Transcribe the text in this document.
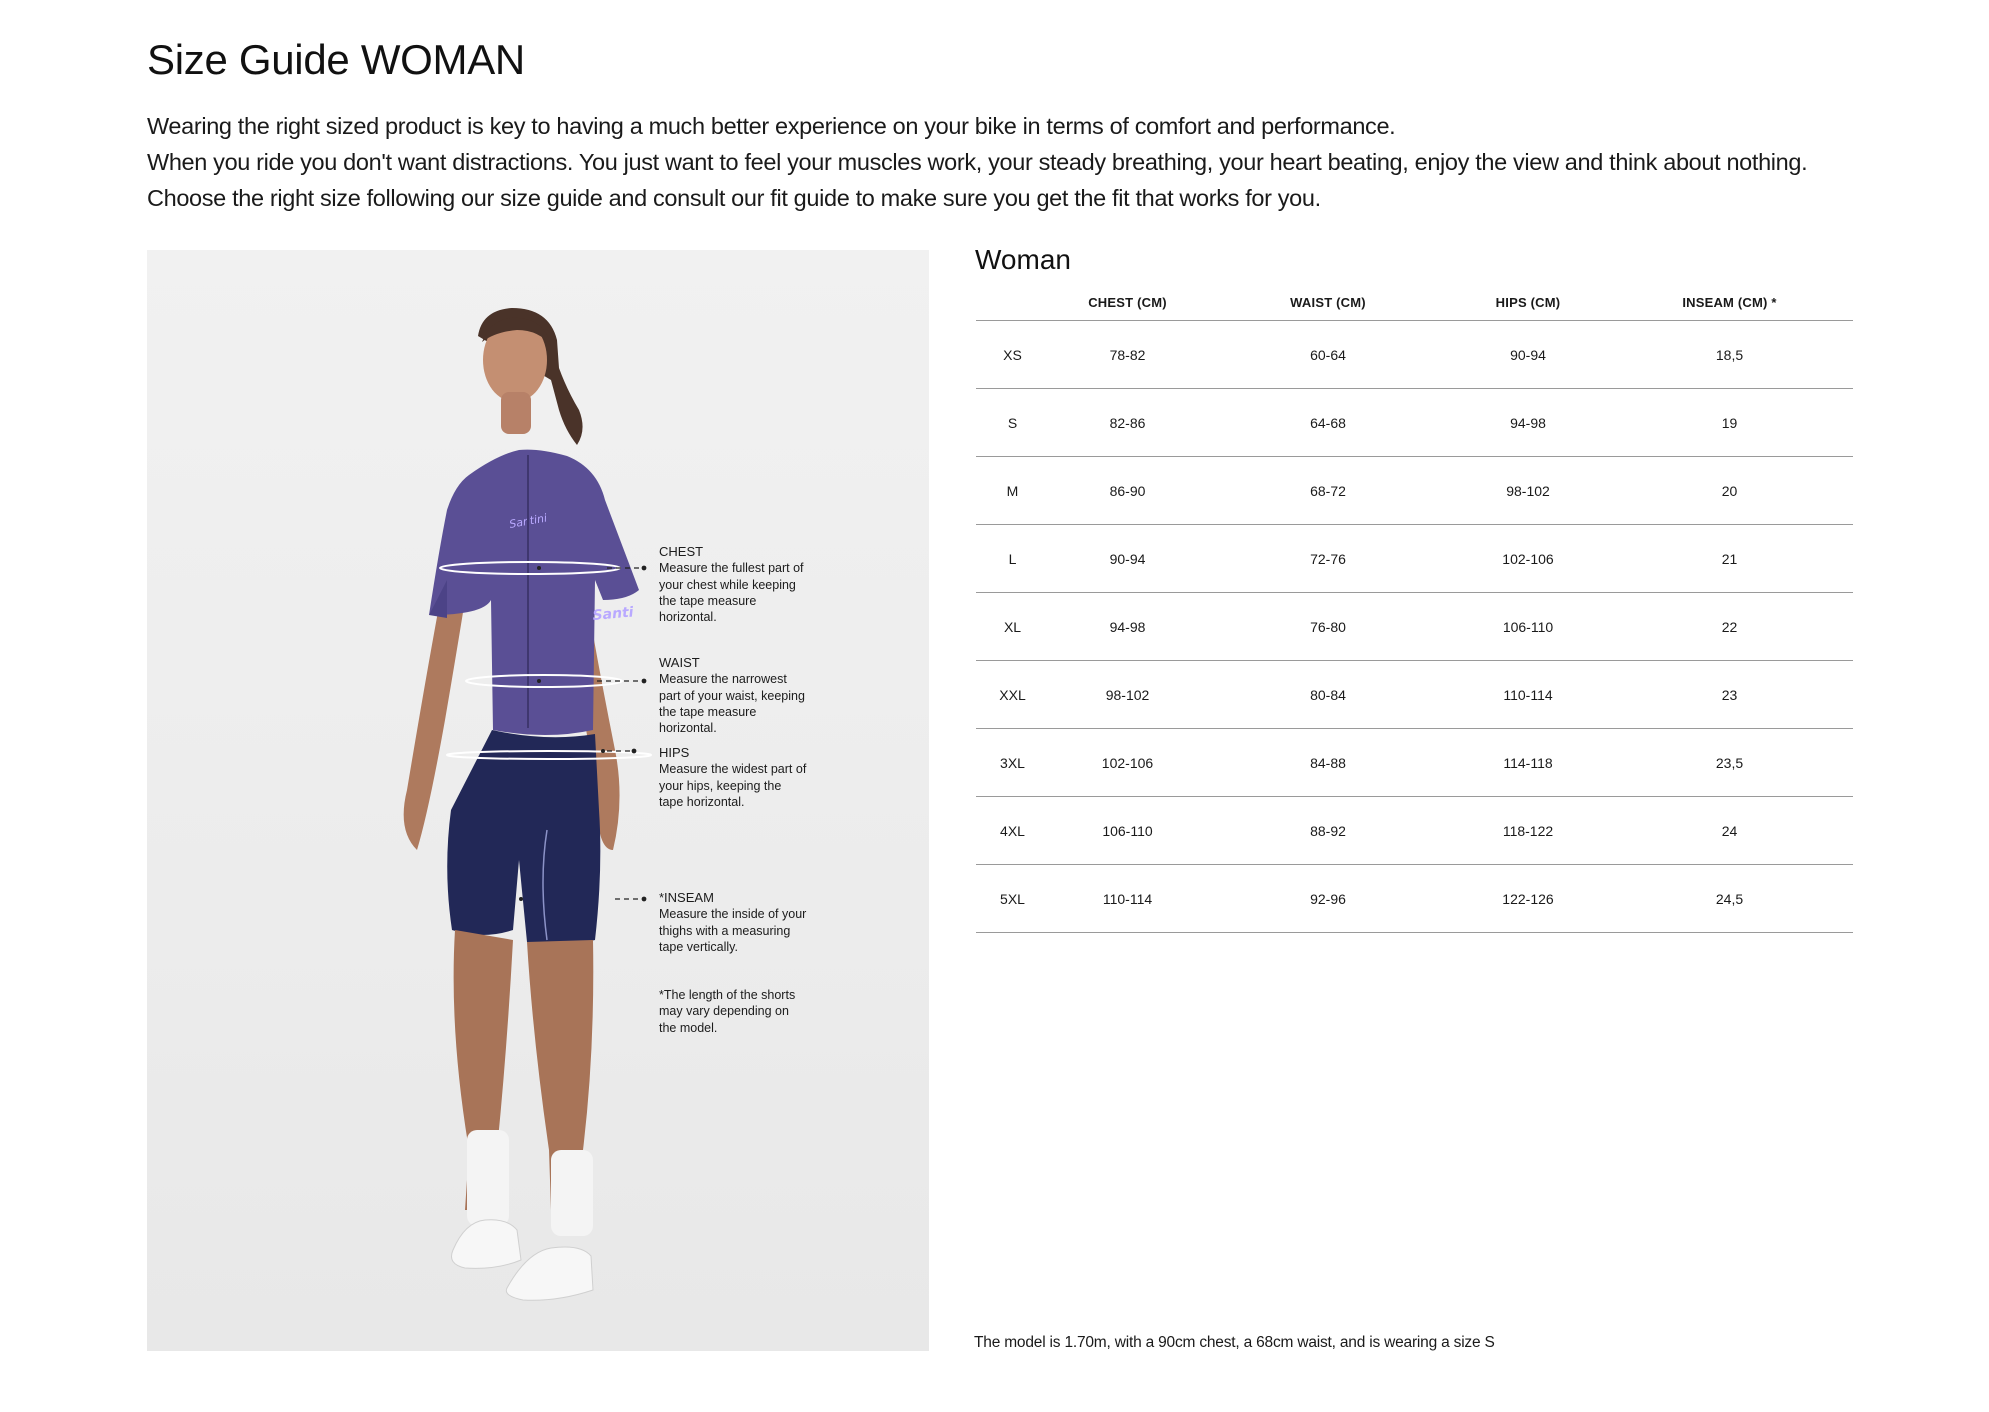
Size Guide WOMAN

Wearing the right sized product is key to having a much better experience on your bike in terms of comfort and performance.

When you ride you don't want distractions. You just want to feel your muscles work, your steady breathing, your heart beating, enjoy the view and think about nothing.

Choose the right size following our size guide and consult our fit guide to make sure you get the fit that works for you.

Santini
Santi
CHEST
Measure the fullest part of your chest while keeping the tape measure horizontal.
WAIST
Measure the narrowest part of your waist, keeping the tape measure horizontal.
HIPS
Measure the widest part of your hips, keeping the tape horizontal.
*INSEAM
Measure the inside of your thighs with a measuring tape vertically.
*The length of the shorts may vary depending on the model.
Woman
CHEST (CM)	WAIST (CM)	HIPS (CM)	INSEAM (CM) *
XS	78-82	60-64	90-94	18,5
S	82-86	64-68	94-98	19
M	86-90	68-72	98-102	20
L	90-94	72-76	102-106	21
XL	94-98	76-80	106-110	22
XXL	98-102	80-84	110-114	23
3XL	102-106	84-88	114-118	23,5
4XL	106-110	88-92	118-122	24
5XL	110-114	92-96	122-126	24,5
The model is 1.70m, with a 90cm chest, a 68cm waist, and is wearing a size S
